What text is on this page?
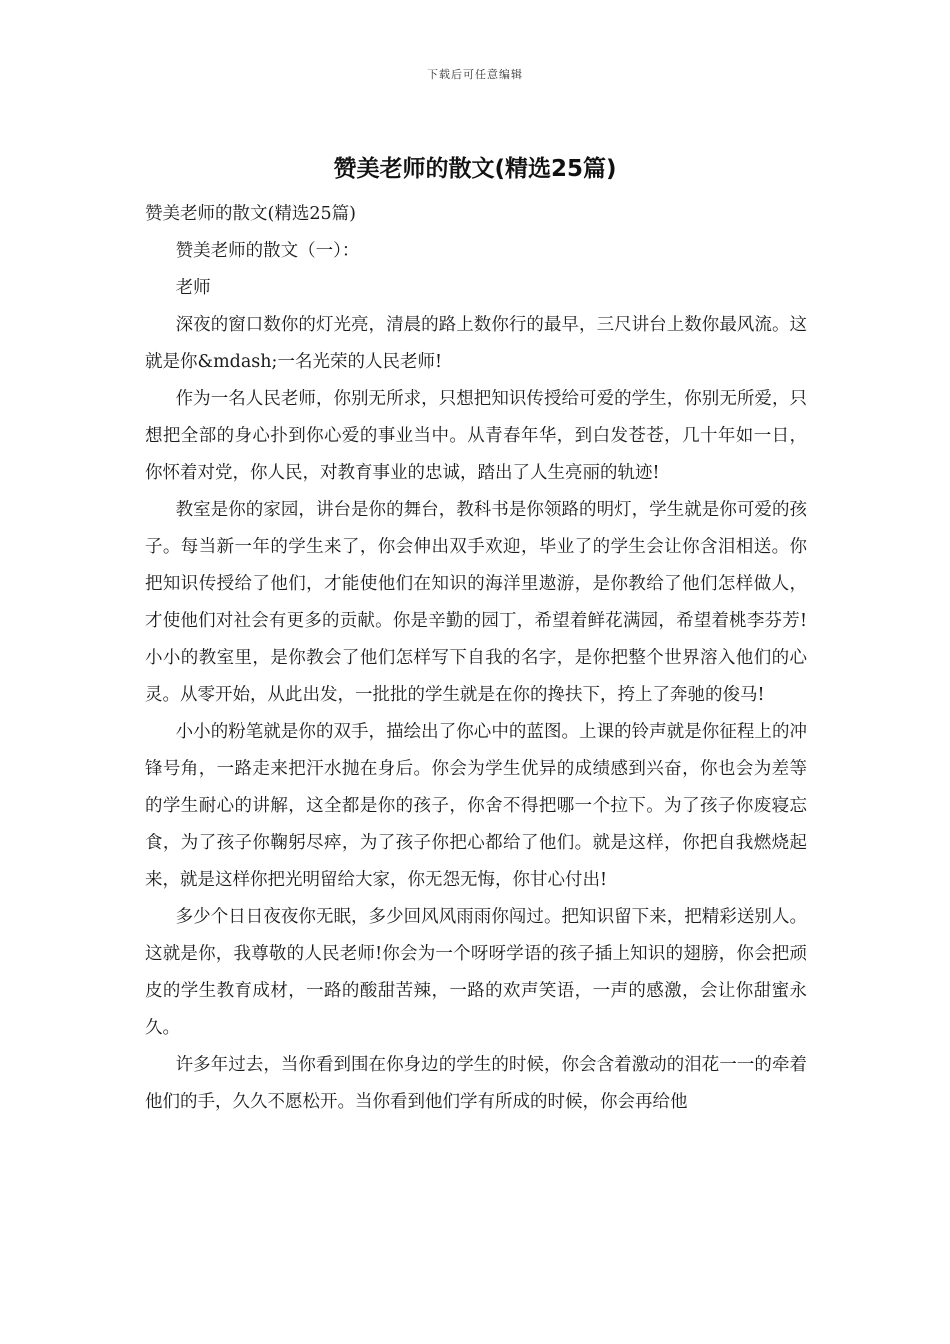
下载后可任意编辑
赞美老师的散文(精选25篇)

赞美老师的散文(精选25篇)

赞美老师的散文（一）：

老师

深夜的窗口数你的灯光亮，清晨的路上数你行的最早，三尺讲台上数你最风流。这就是你&mdash;一名光荣的人民老师!

作为一名人民老师，你别无所求，只想把知识传授给可爱的学生，你别无所爱，只想把全部的身心扑到你心爱的事业当中。从青春年华，到白发苍苍，几十年如一日，你怀着对党，你人民，对教育事业的忠诚，踏出了人生亮丽的轨迹!

教室是你的家园，讲台是你的舞台，教科书是你领路的明灯，学生就是你可爱的孩子。每当新一年的学生来了，你会伸出双手欢迎，毕业了的学生会让你含泪相送。你把知识传授给了他们，才能使他们在知识的海洋里遨游，是你教给了他们怎样做人，才使他们对社会有更多的贡献。你是辛勤的园丁，希望着鲜花满园，希望着桃李芬芳!小小的教室里，是你教会了他们怎样写下自我的名字，是你把整个世界溶入他们的心灵。从零开始，从此出发，一批批的学生就是在你的搀扶下，挎上了奔驰的俊马!

小小的粉笔就是你的双手，描绘出了你心中的蓝图。上课的铃声就是你征程上的冲锋号角，一路走来把汗水抛在身后。你会为学生优异的成绩感到兴奋，你也会为差等的学生耐心的讲解，这全都是你的孩子，你舍不得把哪一个拉下。为了孩子你废寝忘食，为了孩子你鞠躬尽瘁，为了孩子你把心都给了他们。就是这样，你把自我燃烧起来，就是这样你把光明留给大家，你无怨无悔，你甘心付出!

多少个日日夜夜你无眠，多少回风风雨雨你闯过。把知识留下来，把精彩送别人。这就是你，我尊敬的人民老师!你会为一个呀呀学语的孩子插上知识的翅膀，你会把顽皮的学生教育成材，一路的酸甜苦辣，一路的欢声笑语，一声的感激，会让你甜蜜永久。

许多年过去，当你看到围在你身边的学生的时候，你会含着激动的泪花一一的牵着他们的手，久久不愿松开。当你看到他们学有所成的时候，你会再给他
